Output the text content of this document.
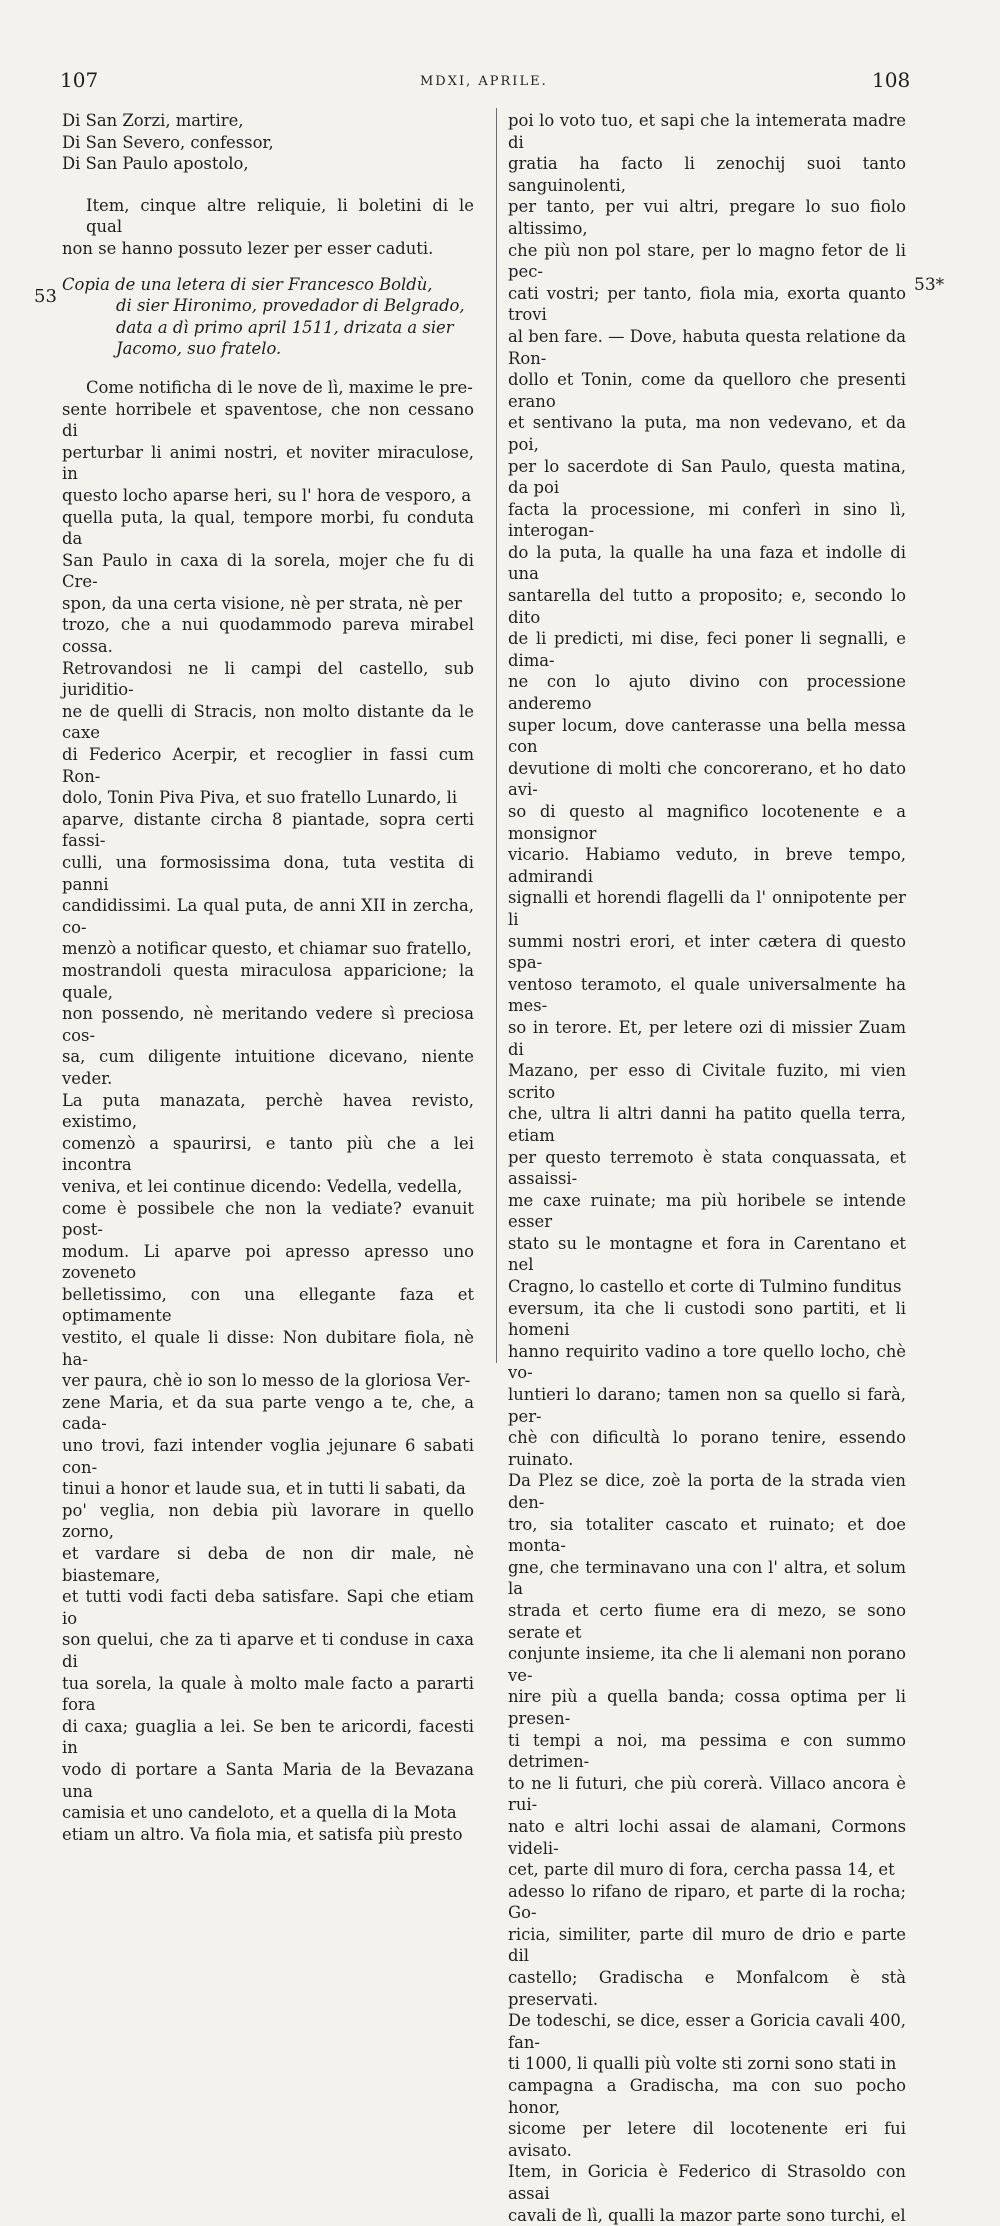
107	MDXI, APRILE.	108
53
53*
Di San Zorzi, martire,
Di San Severo, confessor,
Di San Paulo apostolo,
Item, cinque altre reliquie, li boletini di le qual
non se hanno possuto lezer per esser caduti.
Copia de una letera di sier Francesco Boldù,
di sier Hironimo, provedador di Belgrado,
data a dì primo april 1511, drizata a sier
Jacomo, suo fratelo.
Come notificha di le nove de lì, maxime le pre-
sente horribele et spaventose, che non cessano di
perturbar li animi nostri, et noviter miraculose, in
questo locho aparse heri, su l' hora de vesporo, a
quella puta, la qual, tempore morbi, fu conduta da
San Paulo in caxa di la sorela, mojer che fu di Cre-
spon, da una certa visione, nè per strata, nè per
trozo, che a nui quodammodo pareva mirabel cossa.
Retrovandosi ne li campi del castello, sub juriditio-
ne de quelli di Stracis, non molto distante da le caxe
di Federico Acerpir, et recoglier in fassi cum Ron-
dolo, Tonin Piva Piva, et suo fratello Lunardo, li
aparve, distante circha 8 piantade, sopra certi fassi-
culli, una formosissima dona, tuta vestita di panni
candidissimi. La qual puta, de anni XII in zercha, co-
menzò a notificar questo, et chiamar suo fratello,
mostrandoli questa miraculosa apparicione; la quale,
non possendo, nè meritando vedere sì preciosa cos-
sa, cum diligente intuitione dicevano, niente veder.
La puta manazata, perchè havea revisto, existimo,
comenzò a spaurirsi, e tanto più che a lei incontra
veniva, et lei continue dicendo: Vedella, vedella,
come è possibele che non la vediate? evanuit post-
modum. Li aparve poi apresso apresso uno zoveneto
belletissimo, con una ellegante faza et optimamente
vestito, el quale li disse: Non dubitare fiola, nè ha-
ver paura, chè io son lo messo de la gloriosa Ver-
zene Maria, et da sua parte vengo a te, che, a cada-
uno trovi, fazi intender voglia jejunare 6 sabati con-
tinui a honor et laude sua, et in tutti li sabati, da
po' veglia, non debia più lavorare in quello zorno,
et vardare si deba de non dir male, nè biastemare,
et tutti vodi facti deba satisfare. Sapi che etiam io
son quelui, che za ti aparve et ti conduse in caxa di
tua sorela, la quale à molto male facto a pararti fora
di caxa; guaglia a lei. Se ben te aricordi, facesti in
vodo di portare a Santa Maria de la Bevazana una
camisia et uno candeloto, et a quella di la Mota
etiam un altro. Va fiola mia, et satisfa più presto
poi lo voto tuo, et sapi che la intemerata madre di
gratia ha facto li zenochij suoi tanto sanguinolenti,
per tanto, per vui altri, pregare lo suo fiolo altissimo,
che più non pol stare, per lo magno fetor de li pec-
cati vostri; per tanto, fiola mia, exorta quanto trovi
al ben fare. — Dove, habuta questa relatione da Ron-
dollo et Tonin, come da quelloro che presenti erano
et sentivano la puta, ma non vedevano, et da poi,
per lo sacerdote di San Paulo, questa matina, da poi
facta la processione, mi conferì in sino lì, interogan-
do la puta, la qualle ha una faza et indolle di una
santarella del tutto a proposito; e, secondo lo dito
de li predicti, mi dise, feci poner li segnalli, e dima-
ne con lo ajuto divino con processione anderemo
super locum, dove canterasse una bella messa con
devutione di molti che concorerano, et ho dato avi-
so di questo al magnifico locotenente e a monsignor
vicario. Habiamo veduto, in breve tempo, admirandi
signalli et horendi flagelli da l' onnipotente per li
summi nostri erori, et inter cætera di questo spa-
ventoso teramoto, el quale universalmente ha mes-
so in terore. Et, per letere ozi di missier Zuam di
Mazano, per esso di Civitale fuzito, mi vien scrito
che, ultra li altri danni ha patito quella terra, etiam
per questo terremoto è stata conquassata, et assaissi-
me caxe ruinate; ma più horibele se intende esser
stato su le montagne et fora in Carentano et nel
Cragno, lo castello et corte di Tulmino funditus
eversum, ita che li custodi sono partiti, et li homeni
hanno requirito vadino a tore quello locho, chè vo-
luntieri lo darano; tamen non sa quello si farà, per-
chè con dificultà lo porano tenire, essendo ruinato.
Da Plez se dice, zoè la porta de la strada vien den-
tro, sia totaliter cascato et ruinato; et doe monta-
gne, che terminavano una con l' altra, et solum la
strada et certo fiume era di mezo, se sono serate et
conjunte insieme, ita che li alemani non porano ve-
nire più a quella banda; cossa optima per li presen-
ti tempi a noi, ma pessima e con summo detrimen-
to ne li futuri, che più corerà. Villaco ancora è rui-
nato e altri lochi assai de alamani, Cormons videli-
cet, parte dil muro di fora, cercha passa 14, et
adesso lo rifano de riparo, et parte di la rocha; Go-
ricia, similiter, parte dil muro de drio e parte dil
castello; Gradischa e Monfalcom è stà preservati.
De todeschi, se dice, esser a Goricia cavali 400, fan-
ti 1000, li qualli più volte sti zorni sono stati in
campagna a Gradischa, ma con suo pocho honor,
sicome per letere dil locotenente eri fui avisato.
Item, in Goricia è Federico di Strasoldo con assai
cavali de lì, qualli la mazor parte sono turchi, el
